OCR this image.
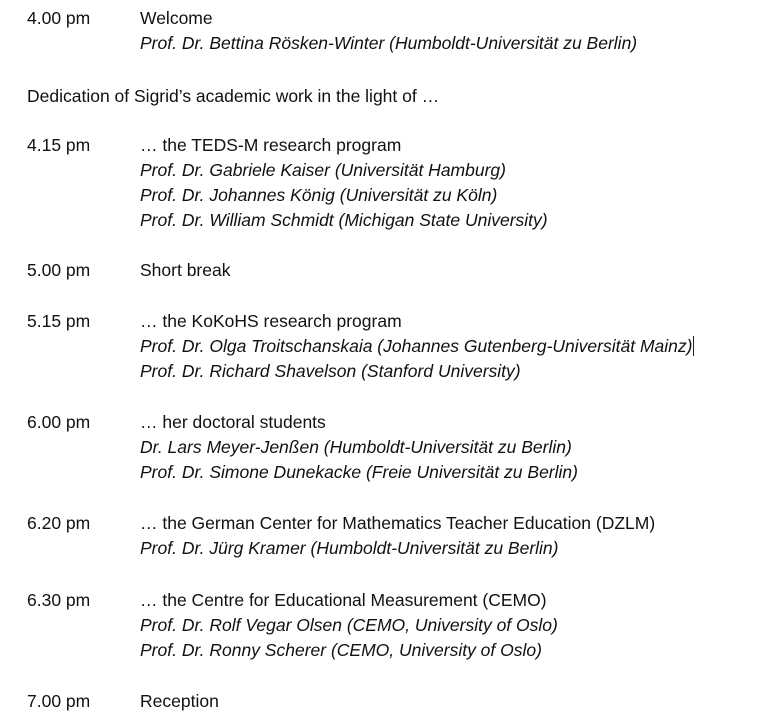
4.00 pm	Welcome
Prof. Dr. Bettina Rösken-Winter (Humboldt-Universität zu Berlin)
Dedication of Sigrid’s academic work in the light of …
4.15 pm	… the TEDS-M research program
Prof. Dr. Gabriele Kaiser (Universität Hamburg)
Prof. Dr. Johannes König (Universität zu Köln)
Prof. Dr. William Schmidt (Michigan State University)
5.00 pm	Short break
5.15 pm	… the KoKoHS research program
Prof. Dr. Olga Troitschanskaia (Johannes Gutenberg-Universität Mainz)
Prof. Dr. Richard Shavelson (Stanford University)
6.00 pm	… her doctoral students
Dr. Lars Meyer-Jenßen (Humboldt-Universität zu Berlin)
Prof. Dr. Simone Dunekacke (Freie Universität zu Berlin)
6.20 pm	… the German Center for Mathematics Teacher Education (DZLM)
Prof. Dr. Jürg Kramer (Humboldt-Universität zu Berlin)
6.30 pm	… the Centre for Educational Measurement (CEMO)
Prof. Dr. Rolf Vegar Olsen (CEMO, University of Oslo)
Prof. Dr. Ronny Scherer (CEMO, University of Oslo)
7.00 pm	Reception
